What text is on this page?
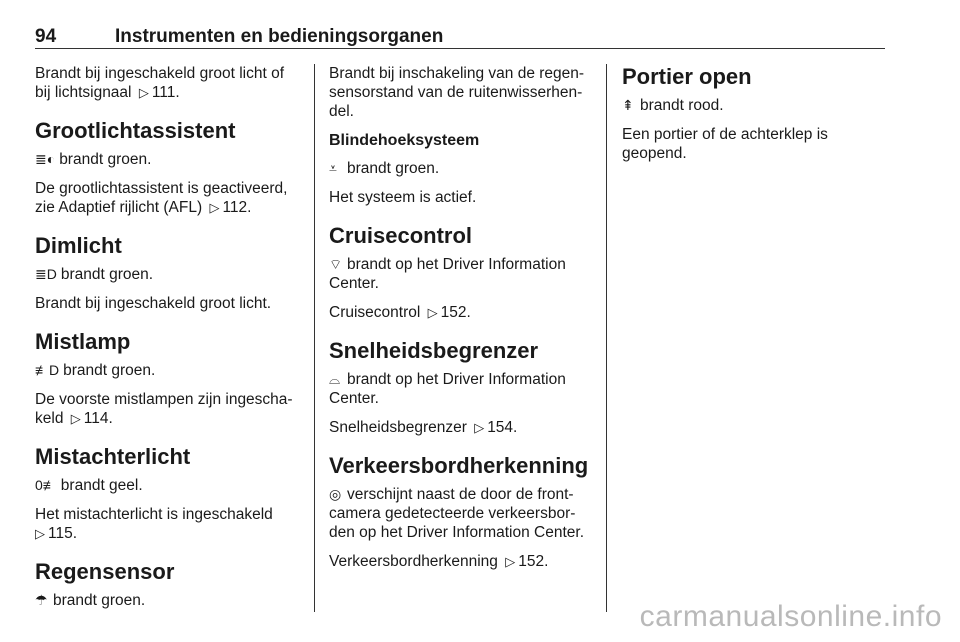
94	Instrumenten en bedieningsorganen

Brandt bij ingeschakeld groot licht of bij lichtsignaal ▷ 111.

Grootlichtassistent

≣◐ brandt groen.

De grootlichtassistent is geactiveerd, zie Adaptief rijlicht (AFL) ▷ 112.

Dimlicht

≣D brandt groen.

Brandt bij ingeschakeld groot licht.

Mistlamp

≢D brandt groen.

De voorste mistlampen zijn ingescha-keld ▷ 114.

Mistachterlicht

0≢ brandt geel.

Het mistachterlicht is ingeschakeld
▷ 115.

Regensensor

☂ brandt groen.

Brandt bij inschakeling van de regen-sensorstand van de ruitenwisserhen-del.

Blindehoeksysteem

⩡ brandt groen.

Het systeem is actief.

Cruisecontrol

⌔ brandt op het Driver Information Center.

Cruisecontrol ▷ 152.

Snelheidsbegrenzer

⌓ brandt op het Driver Information Center.

Snelheidsbegrenzer ▷ 154.

Verkeersbordherkenning

◎ verschijnt naast de door de front-camera gedetecteerde verkeersbor-den op het Driver Information Center.

Verkeersbordherkenning ▷ 152.

Portier open

⇞ brandt rood.

Een portier of de achterklep is geopend.

carmanualsonline.info
